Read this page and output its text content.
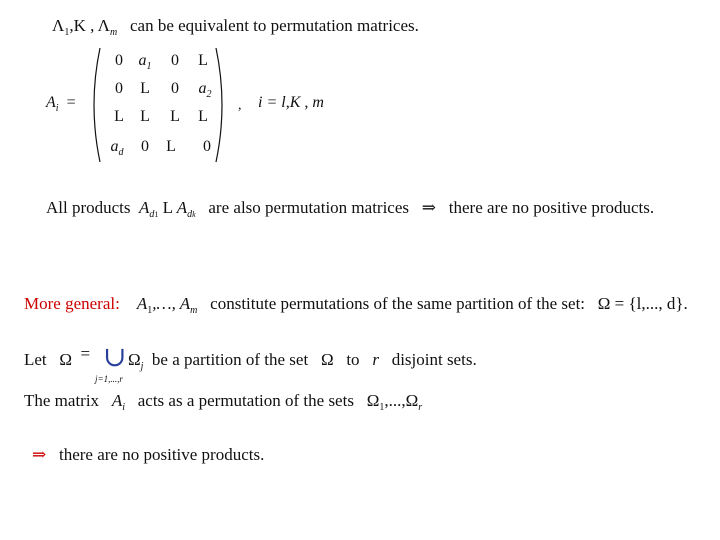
$\Lambda_1,K$ , $\Lambda_m$ can be equivalent to permutation matrices.
$A_i$ =
0 $a_1$	0	L
0	L	0	$a_2$
L	L	L	L
$a_d$	0	L	0
, i = l,Κ , m
All products $A_{d1}$ L $A_{dk}$ are also permutation matrices ⇒ there are no positive products.
More general: $A_1,\dots$, $A_m$ constitute permutations of the same partition of the set: Ω = {l,..., d}.
Let Ω = ∪
j=1,...,r
$\Omega_j$ be a partition of the set Ω to r disjoint sets.
The matrix $A_i$ acts as a permutation of the sets $\Omega_1,...,\Omega_r$
⇒ there are no positive products.
